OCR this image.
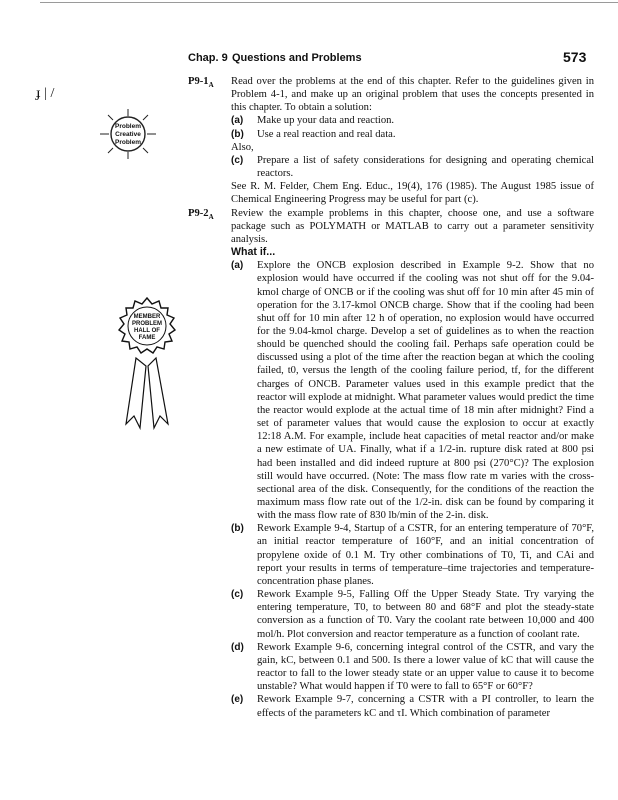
Chap. 9 Questions and Problems	573
ɟ | /
Problem
Creative
Problem
MEMBER
PROBLEM
HALL OF
FAME
$P9-1_A$ Read over the problems at the end of this chapter. Refer to the guidelines given in Problem 4-1, and make up an original problem that uses the concepts presented in this chapter. To obtain a solution:

(a) Make up your data and reaction.
(b) Use a real reaction and real data.

Also,

(c) Prepare a list of safety considerations for designing and operating chemical reactors.

See R. M. Felder, Chem Eng. Educ., 19(4), 176 (1985). The August 1985 issue of Chemical Engineering Progress may be useful for part (c).

$P9-2_A$ Review the example problems in this chapter, choose one, and use a software package such as POLYMATH or MATLAB to carry out a parameter sensitivity analysis.

What if...

(a) Explore the ONCB explosion described in Example 9-2. Show that no explosion would have occurred if the cooling was not shut off for the 9.04-kmol charge of ONCB or if the cooling was shut off for 10 min after 45 min of operation for the 3.17-kmol ONCB charge. Show that if the cooling had been shut off for 10 min after 12 h of operation, no explosion would have occurred for the 9.04-kmol charge. Develop a set of guidelines as to when the reaction should be quenched should the cooling fail. Perhaps safe operation could be discussed using a plot of the time after the reaction began at which the cooling failed, t0, versus the length of the cooling failure period, tf, for the different charges of ONCB. Parameter values used in this example predict that the reactor will explode at midnight. What parameter values would predict the time the reactor would explode at the actual time of 18 min after midnight? Find a set of parameter values that would cause the explosion to occur at exactly 12:18 A.M. For example, include heat capacities of metal reactor and/or make a new estimate of UA. Finally, what if a 1/2-in. rupture disk rated at 800 psi had been installed and did indeed rupture at 800 psi (270°C)? The explosion still would have occurred. (Note: The mass flow rate m varies with the cross-sectional area of the disk. Consequently, for the conditions of the reaction the maximum mass flow rate out of the 1/2-in. disk can be found by comparing it with the mass flow rate of 830 lb/min of the 2-in. disk.
(b) Rework Example 9-4, Startup of a CSTR, for an entering temperature of 70°F, an initial reactor temperature of 160°F, and an initial concentration of propylene oxide of 0.1 M. Try other combinations of T0, Ti, and CAi and report your results in terms of temperature–time trajectories and temperature-concentration phase planes.
(c) Rework Example 9-5, Falling Off the Upper Steady State. Try varying the entering temperature, T0, to between 80 and 68°F and plot the steady-state conversion as a function of T0. Vary the coolant rate between 10,000 and 400 mol/h. Plot conversion and reactor temperature as a function of coolant rate.
(d) Rework Example 9-6, concerning integral control of the CSTR, and vary the gain, kC, between 0.1 and 500. Is there a lower value of kC that will cause the reactor to fall to the lower steady state or an upper value to cause it to become unstable? What would happen if T0 were to fall to 65°F or 60°F?
(e) Rework Example 9-7, concerning a CSTR with a PI controller, to learn the effects of the parameters kC and τI. Which combination of parameter
